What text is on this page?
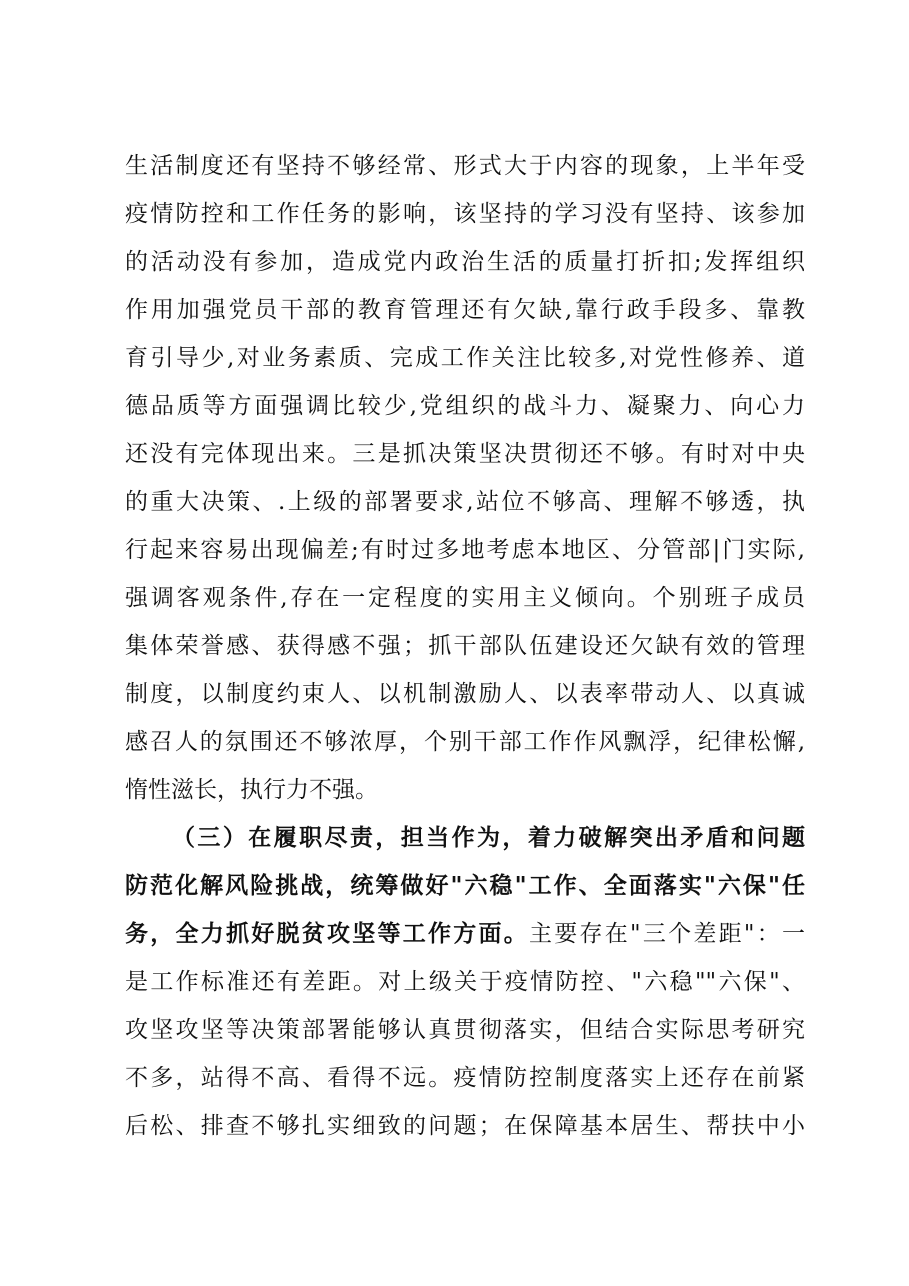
生活制度还有坚持不够经常、形式大于内容的现象，上半年受
疫情防控和工作任务的影响，该坚持的学习没有坚持、该参加
的活动没有参加，造成党内政治生活的质量打折扣;发挥组织
作用加强党员干部的教育管理还有欠缺,靠行政手段多、靠教
育引导少,对业务素质、完成工作关注比较多,对党性修养、道
德品质等方面强调比较少,党组织的战斗力、凝聚力、向心力
还没有完体现出来。三是抓决策坚决贯彻还不够。有时对中央
的重大决策、.上级的部署要求,站位不够高、理解不够透，执
行起来容易出现偏差;有时过多地考虑本地区、分管部|门实际,
强调客观条件,存在一定程度的实用主义倾向。个别班子成员
集体荣誉感、获得感不强；抓干部队伍建设还欠缺有效的管理
制度，以制度约束人、以机制激励人、以表率带动人、以真诚
感召人的氛围还不够浓厚，个别干部工作作风飘浮，纪律松懈,
惰性滋长，执行力不强。
（三）在履职尽责，担当作为，着力破解突出矛盾和问题
防范化解风险挑战，统筹做好"六稳"工作、全面落实"六保"任
务，全力抓好脱贫攻坚等工作方面。主要存在"三个差距"：一
是工作标准还有差距。对上级关于疫情防控、"六稳""六保"、
攻坚攻坚等决策部署能够认真贯彻落实，但结合实际思考研究
不多，站得不高、看得不远。疫情防控制度落实上还存在前紧
后松、排查不够扎实细致的问题；在保障基本居生、帮扶中小
